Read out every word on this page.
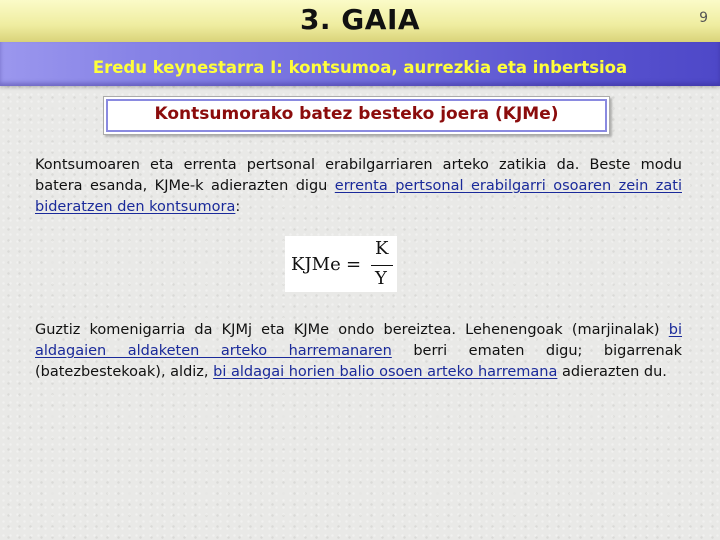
3. GAIA	9
Eredu keynestarra I: kontsumoa, aurrezkia eta inbertsioa
Kontsumorako batez besteko joera (KJMe)

Kontsumoaren eta errenta pertsonal erabilgarriaren arteko zatikia da. Beste modu batera esanda, KJMe-k adierazten digu errenta pertsonal erabilgarri osoaren zein zati bideratzen den kontsumora:

KJMe =
K
Y

Guztiz komenigarria da KJMj eta KJMe ondo bereiztea. Lehenengoak (marjinalak) bi aldagaien aldaketen arteko harremanaren berri ematen digu; bigarrenak (batezbestekoak), aldiz, bi aldagai horien balio osoen arteko harremana adierazten du.
